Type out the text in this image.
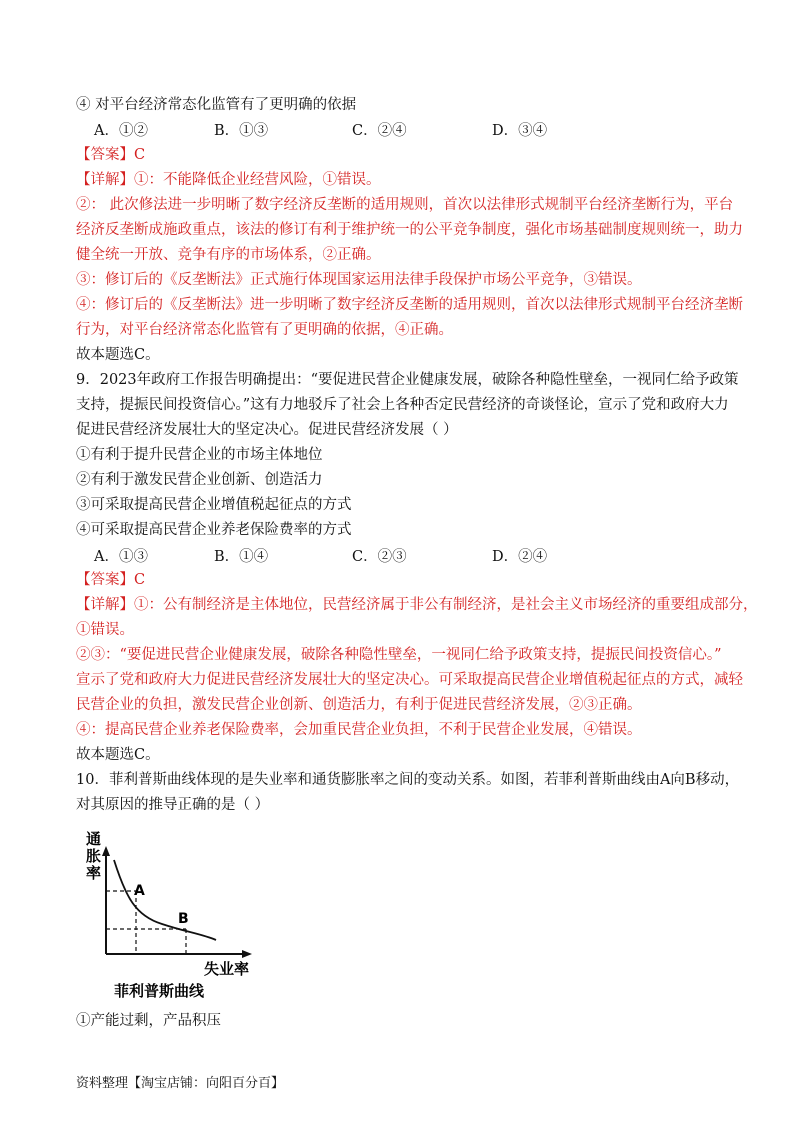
④ 对平台经济常态化监管有了更明确的依据
A．①②	B．①③	C．②④	D．③④
【答案】C
【详解】①：不能降低企业经营风险，①错误。
②： 此次修法进一步明晰了数字经济反垄断的适用规则，首次以法律形式规制平台经济垄断行为，平台
经济反垄断成施政重点，该法的修订有利于维护统一的公平竞争制度，强化市场基础制度规则统一，助力
健全统一开放、竞争有序的市场体系，②正确。
③：修订后的《反垄断法》正式施行体现国家运用法律手段保护市场公平竞争，③错误。
④：修订后的《反垄断法》进一步明晰了数字经济反垄断的适用规则，首次以法律形式规制平台经济垄断
行为，对平台经济常态化监管有了更明确的依据，④正确。
故本题选C。
9．2023年政府工作报告明确提出：“要促进民营企业健康发展，破除各种隐性壁垒，一视同仁给予政策
支持，提振民间投资信心。”这有力地驳斥了社会上各种否定民营经济的奇谈怪论，宣示了党和政府大力
促进民营经济发展壮大的坚定决心。促进民营经济发展（ ）
①有利于提升民营企业的市场主体地位
②有利于激发民营企业创新、创造活力
③可采取提高民营企业增值税起征点的方式
④可采取提高民营企业养老保险费率的方式
A．①③	B．①④	C．②③	D．②④
【答案】C
【详解】①：公有制经济是主体地位，民营经济属于非公有制经济，是社会主义市场经济的重要组成部分，
①错误。
②③：“要促进民营企业健康发展，破除各种隐性壁垒，一视同仁给予政策支持，提振民间投资信心。”
宣示了党和政府大力促进民营经济发展壮大的坚定决心。可采取提高民营企业增值税起征点的方式，减轻
民营企业的负担，激发民营企业创新、创造活力，有利于促进民营经济发展，②③正确。
④：提高民营企业养老保险费率，会加重民营企业负担，不利于民营企业发展，④错误。
故本题选C。
10．菲利普斯曲线体现的是失业率和通货膨胀率之间的变动关系。如图，若菲利普斯曲线由A向B移动，
对其原因的推导正确的是（ ）
通
胀
率
A
B
失业率
菲利普斯曲线
①产能过剩，产品积压
资料整理【淘宝店铺：向阳百分百】
